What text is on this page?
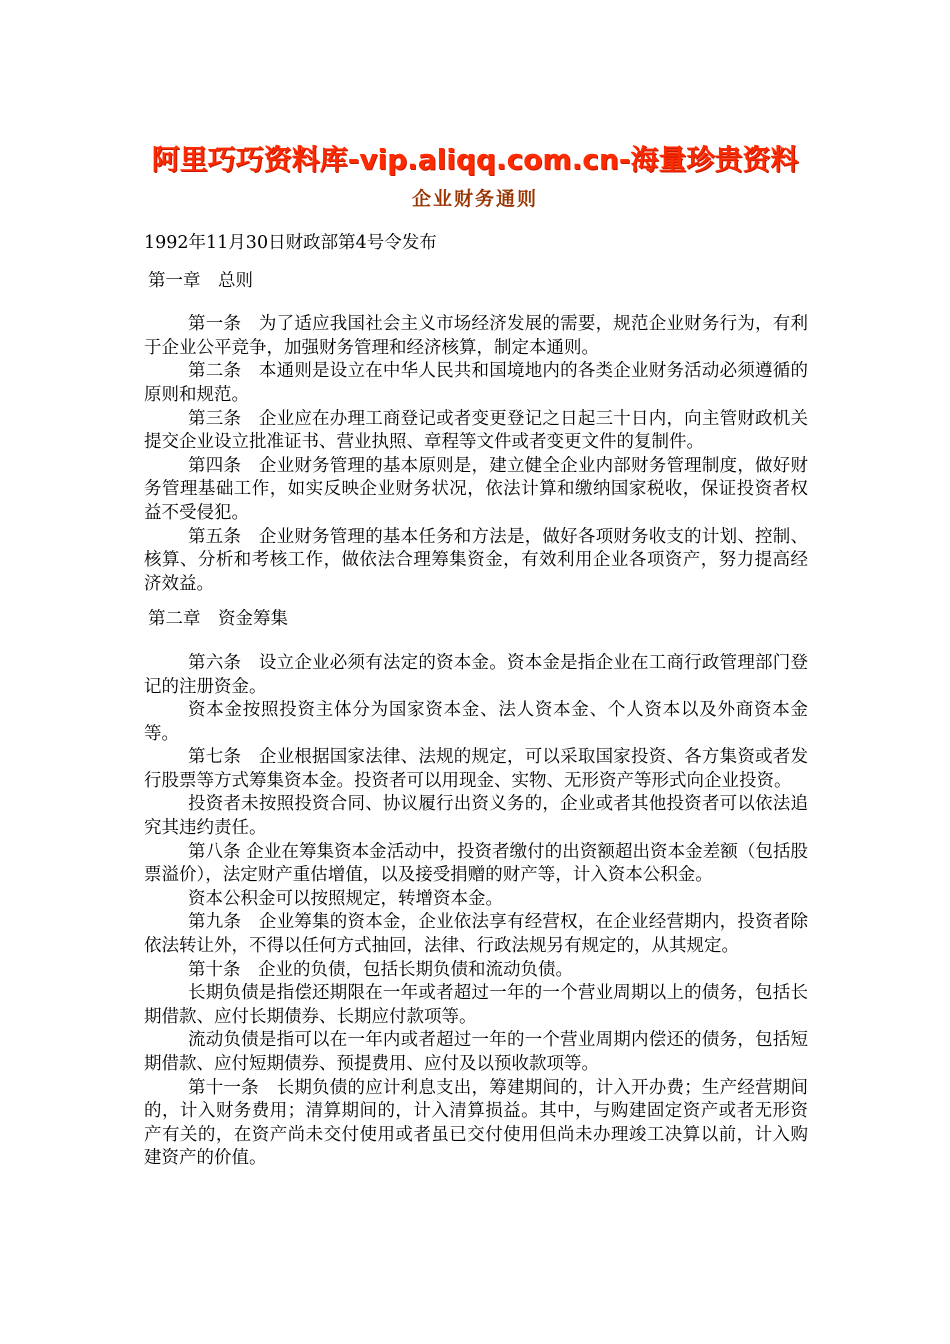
阿里巧巧资料库-vip.aliqq.com.cn-海量珍贵资料
企业财务通则

1992年11月30日财政部第4号令发布

第一章　总则

第一条　为了适应我国社会主义市场经济发展的需要，规范企业财务行为，有利于企业公平竞争，加强财务管理和经济核算，制定本通则。

第二条　本通则是设立在中华人民共和国境地内的各类企业财务活动必须遵循的原则和规范。

第三条　企业应在办理工商登记或者变更登记之日起三十日内，向主管财政机关提交企业设立批准证书、营业执照、章程等文件或者变更文件的复制件。

第四条　企业财务管理的基本原则是，建立健全企业内部财务管理制度，做好财务管理基础工作，如实反映企业财务状况，依法计算和缴纳国家税收，保证投资者权益不受侵犯。

第五条　企业财务管理的基本任务和方法是，做好各项财务收支的计划、控制、核算、分析和考核工作，做依法合理筹集资金，有效利用企业各项资产，努力提高经济效益。

第二章　资金筹集

第六条　设立企业必须有法定的资本金。资本金是指企业在工商行政管理部门登记的注册资金。

资本金按照投资主体分为国家资本金、法人资本金、个人资本以及外商资本金等。

第七条　企业根据国家法律、法规的规定，可以采取国家投资、各方集资或者发行股票等方式筹集资本金。投资者可以用现金、实物、无形资产等形式向企业投资。

投资者未按照投资合同、协议履行出资义务的，企业或者其他投资者可以依法追究其违约责任。

第八条 企业在筹集资本金活动中，投资者缴付的出资额超出资本金差额（包括股票溢价），法定财产重估增值，以及接受捐赠的财产等，计入资本公积金。

资本公积金可以按照规定，转增资本金。

第九条　企业筹集的资本金，企业依法享有经营权，在企业经营期内，投资者除依法转让外，不得以任何方式抽回，法律、行政法规另有规定的，从其规定。

第十条　企业的负债，包括长期负债和流动负债。

长期负债是指偿还期限在一年或者超过一年的一个营业周期以上的债务，包括长期借款、应付长期债券、长期应付款项等。

流动负债是指可以在一年内或者超过一年的一个营业周期内偿还的债务，包括短期借款、应付短期债券、预提费用、应付及以预收款项等。

第十一条　长期负债的应计利息支出，筹建期间的，计入开办费；生产经营期间的，计入财务费用；清算期间的，计入清算损益。其中，与购建固定资产或者无形资产有关的，在资产尚未交付使用或者虽已交付使用但尚未办理竣工决算以前，计入购建资产的价值。
